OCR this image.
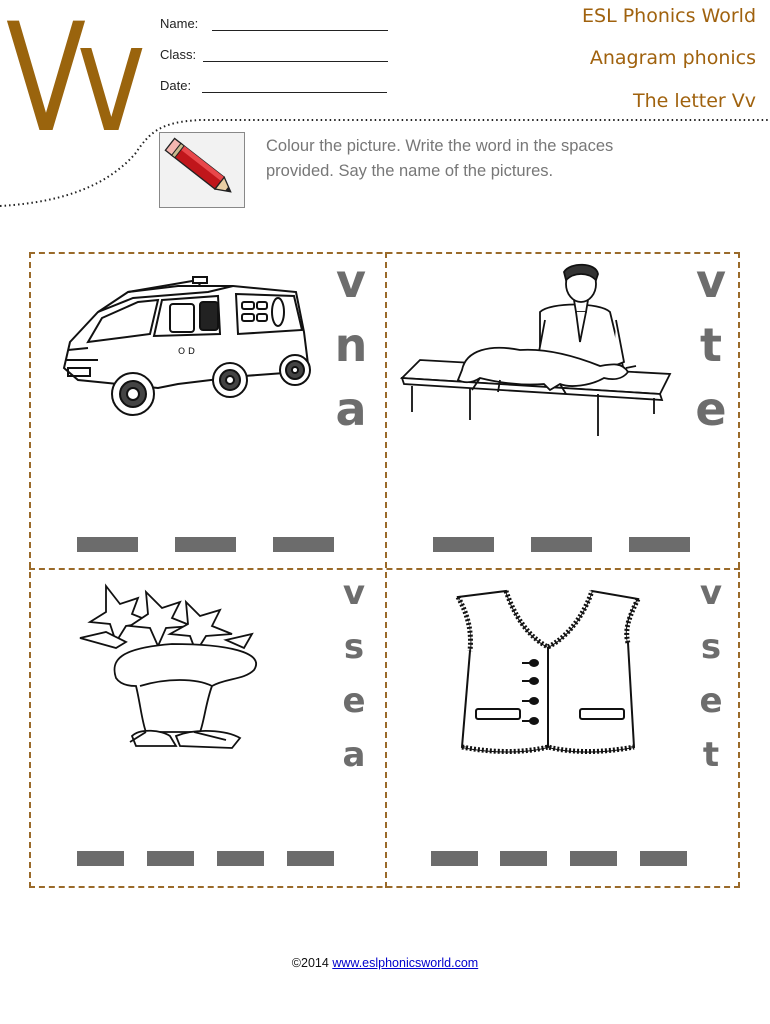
Vv Name:
Class:
Date:
ESL Phonics World
Anagram phonics
The letter Vv
Colour the picture. Write the word in the spaces provided. Say the name of the pictures.
O D
v
n
a
v
t
e
v
s
e
a
v
s
e
t
©2014 www.eslphonicsworld.com
